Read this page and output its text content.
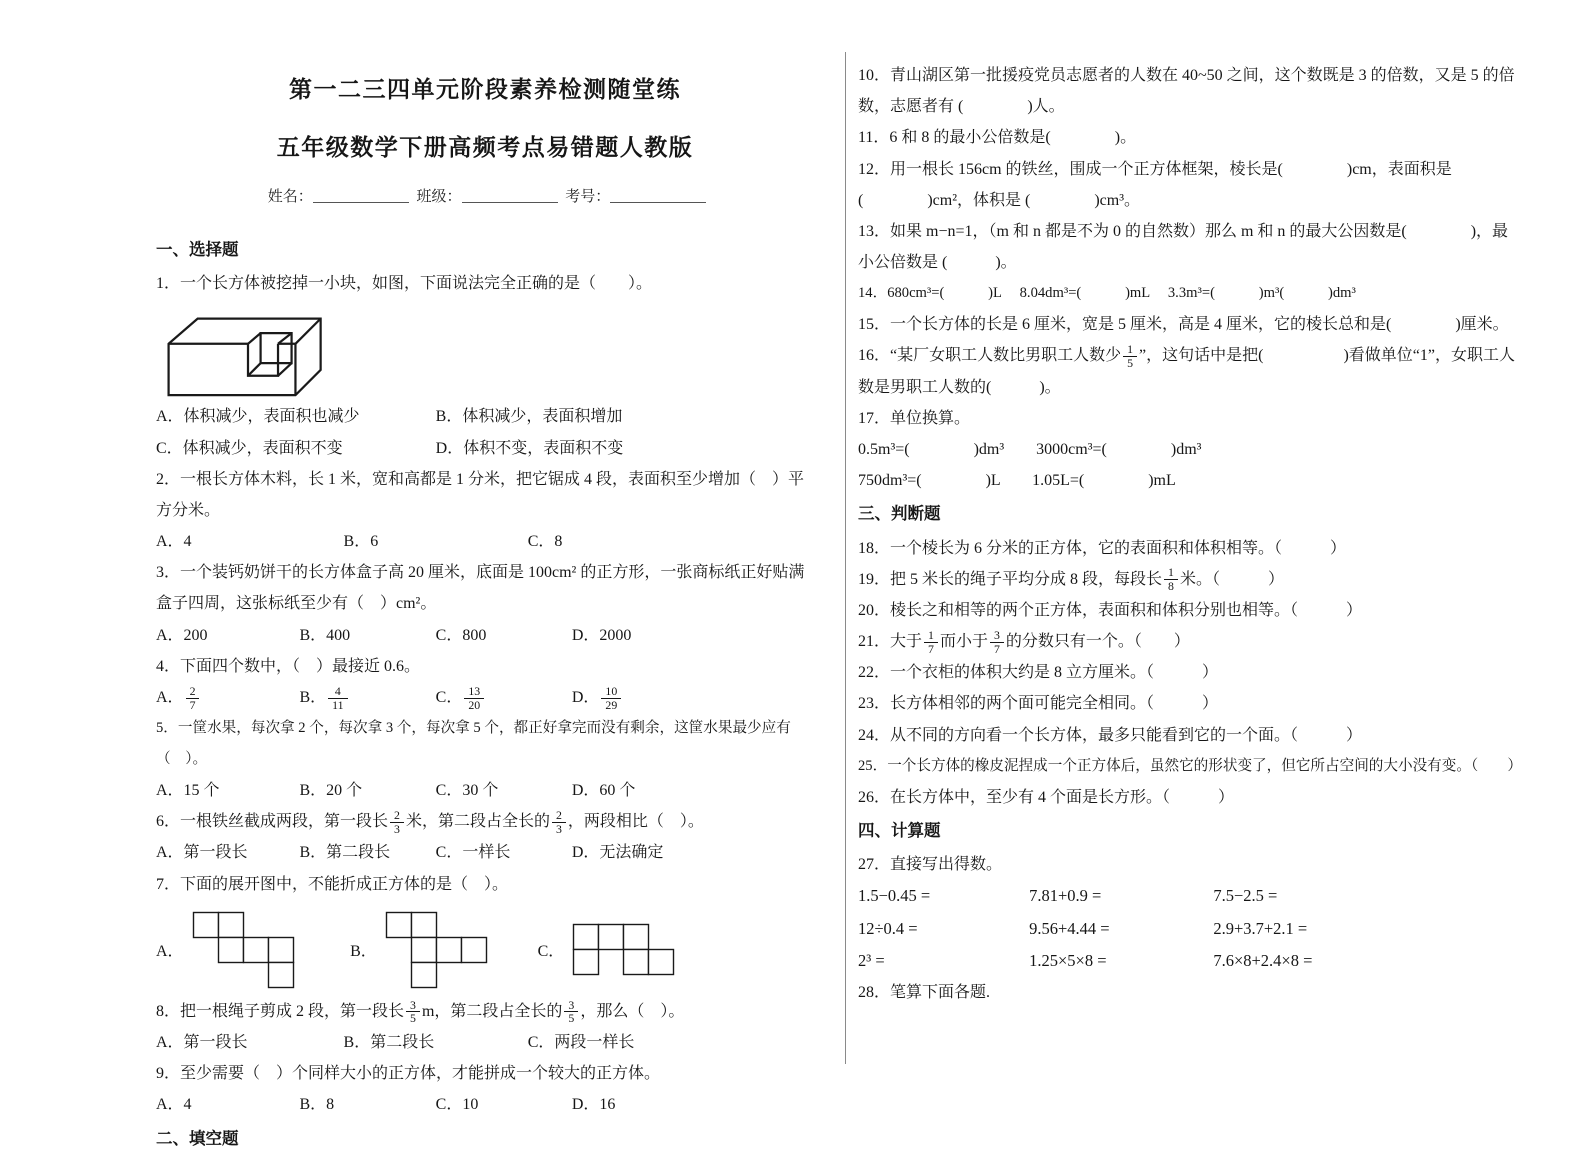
第一二三四单元阶段素养检测随堂练
五年级数学下册高频考点易错题人教版
姓名：	班级：	考号：
一、选择题
1．一个长方体被挖掉一小块，如图，下面说法完全正确的是（　　）。
A．体积减少，表面积也减少	B．体积减少，表面积增加
C．体积减少，表面积不变	D．体积不变，表面积不变
2．一根长方体木料，长 1 米，宽和高都是 1 分米，把它锯成 4 段，表面积至少增加（　）平方分米。
A．4	B．6	C．8
3．一个装钙奶饼干的长方体盒子高 20 厘米，底面是 100cm² 的正方形，一张商标纸正好贴满盒子四周，这张标纸至少有（　）cm²。
A．200	B．400	C．800	D．2000
4．下面四个数中，（　）最接近 0.6。
A． $\frac{2}{7}$	B． $\frac{4}{11}$	C． $\frac{13}{20}$	D． $\frac{10}{29}$
5．一筐水果，每次拿 2 个，每次拿 3 个，每次拿 5 个，都正好拿完而没有剩余，这筐水果最少应有（　）。
A．15 个	B．20 个	C．30 个	D．60 个
6．一根铁丝截成两段，第一段长 $\frac{2}{3}$ 米，第二段占全长的 $\frac{2}{3}$ ，两段相比（　）。
A．第一段长	B．第二段长	C．一样长	D．无法确定
7．下面的展开图中，不能折成正方体的是（　）。
A．	B．	C．
8．把一根绳子剪成 2 段，第一段长 $\frac{3}{5}$ m，第二段占全长的 $\frac{3}{5}$ ，那么（　）。
A．第一段长	B．第二段长	C．两段一样长
9．至少需要（　）个同样大小的正方体，才能拼成一个较大的正方体。
A．4	B．8	C．10	D．16
二、填空题
10．青山湖区第一批援疫党员志愿者的人数在 40~50 之间，这个数既是 3 的倍数，又是 5 的倍数，志愿者有 (　　　　)人。
11．6 和 8 的最小公倍数是(　　　　)。
12．用一根长 156cm 的铁丝，围成一个正方体框架，棱长是(　　　　)cm，表面积是(　　　　)cm²，体积是 (　　　　)cm³。
13．如果 m−n=1，（m 和 n 都是不为 0 的自然数）那么 m 和 n 的最大公因数是(　　　　)，最小公倍数是 (　　　)。
14．680cm³=(　　　)L　 8.04dm³=(　　　)mL　 3.3m³=(　　　)m³(　　　)dm³
15．一个长方体的长是 6 厘米，宽是 5 厘米，高是 4 厘米，它的棱长总和是(　　　　)厘米。
16．“某厂女职工人数比男职工人数少 $\frac{1}{5}$ ”，这句话中是把(　　　　　)看做单位“1”，女职工人数是男职工人数的(　　　)。
17．单位换算。
0.5m³=(　　　　)dm³　　3000cm³=(　　　　)dm³
750dm³=(　　　　)L　　1.05L=(　　　　)mL
三、判断题
18．一个棱长为 6 分米的正方体，它的表面积和体积相等。（　　　）
19．把 5 米长的绳子平均分成 8 段，每段长 $\frac{1}{8}$ 米。（　　　）
20．棱长之和相等的两个正方体，表面积和体积分别也相等。（　　　）
21．大于 $\frac{1}{7}$ 而小于 $\frac{3}{7}$ 的分数只有一个。（　　）
22．一个衣柜的体积大约是 8 立方厘米。（　　　）
23．长方体相邻的两个面可能完全相同。（　　　）
24．从不同的方向看一个长方体，最多只能看到它的一个面。（　　　）
25．一个长方体的橡皮泥捏成一个正方体后，虽然它的形状变了，但它所占空间的大小没有变。（　　）
26．在长方体中，至少有 4 个面是长方形。（　　　）
四、计算题
27．直接写出得数。
1.5−0.45 =	7.81+0.9 =	7.5−2.5 =
12÷0.4 =	9.56+4.44 =	2.9+3.7+2.1 =
2³ =	1.25×5×8 =	7.6×8+2.4×8 =
28．笔算下面各题.
